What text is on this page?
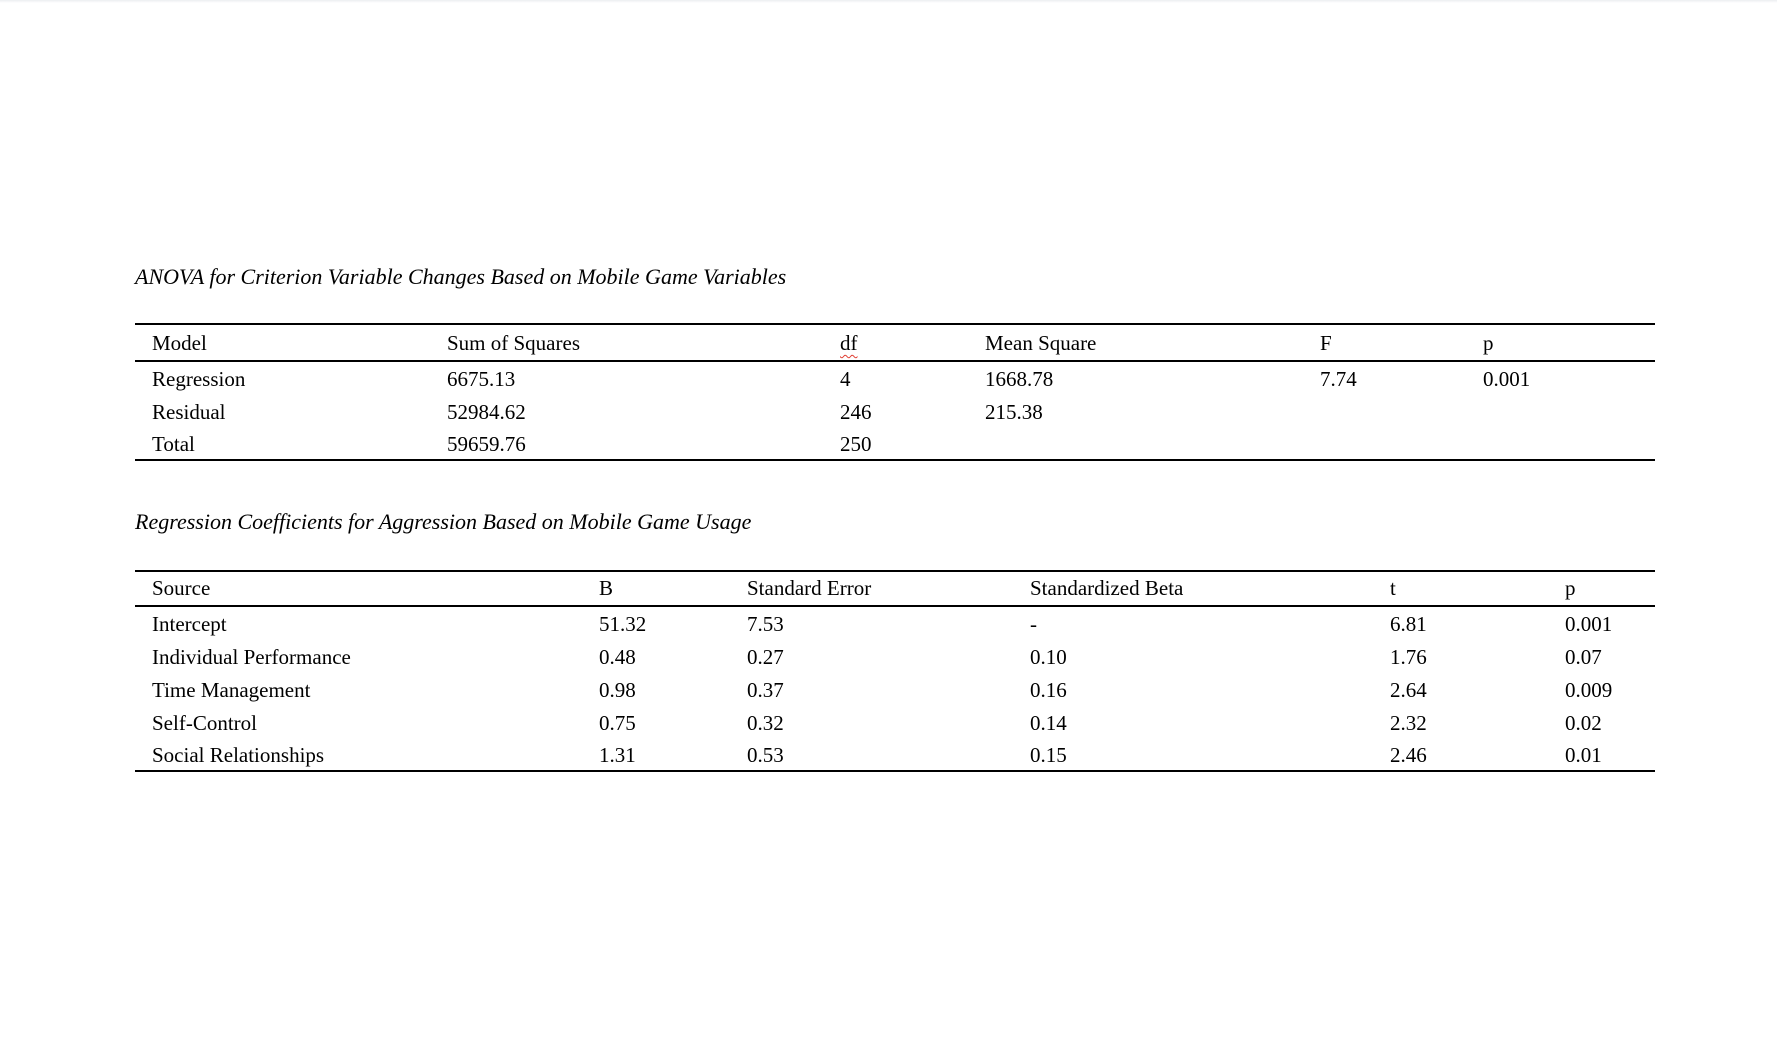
ANOVA for Criterion Variable Changes Based on Mobile Game Variables
Model	Sum of Squares	df	Mean Square	F	p
Regression	6675.13	4	1668.78	7.74	0.001
Residual	52984.62	246	215.38		
Total	59659.76	250			
Regression Coefficients for Aggression Based on Mobile Game Usage
Source	B	Standard Error	Standardized Beta	t	p
Intercept	51.32	7.53	-	6.81	0.001
Individual Performance	0.48	0.27	0.10	1.76	0.07
Time Management	0.98	0.37	0.16	2.64	0.009
Self-Control	0.75	0.32	0.14	2.32	0.02
Social Relationships	1.31	0.53	0.15	2.46	0.01
